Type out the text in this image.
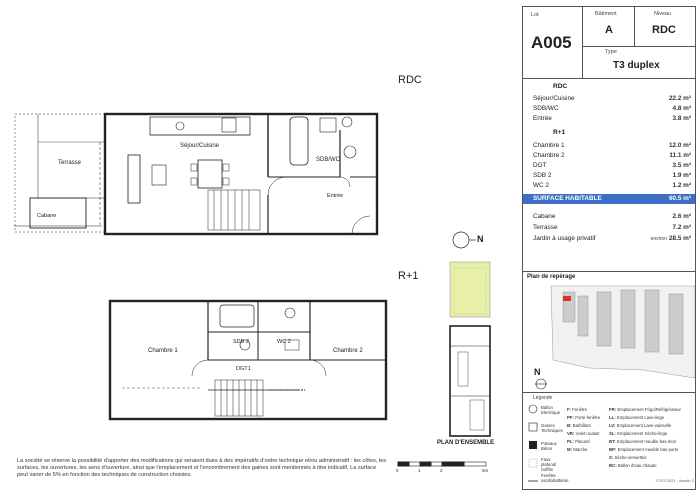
RDC
R+1
Séjour/Cuisine
SDB/WC
Entrée
Terrasse
Cabane
Chambre 1	Chambre 2
SDB 2	WC 2
DGT1
N
PLAN D'ENSEMBLE
0	1	2	5m

La société se réserve la possibilité d'apporter des modifications qui seraient dues à des impératifs d'ordre technique et/ou administratif : les côtes, les surfaces, les ouvertures, les sens d'ouverture, ainsi que l'emplacement et l'encombrement des gaines sont mentionnés à titre indicatif. La surface peut varier de 5% en fonction des techniques de construction choisies.

Lot
A005
Bâtiment
A
Niveau
RDC
Type
T3 duplex
RDC
Séjour/Cuisine	22.2 m²
SDB/WC	4.8 m²
Entrée	3.8 m²
R+1
Chambre 1	12.0 m²
Chambre 2	11.1 m²
DGT	3.5 m²
SDB 2	1.9 m²
WC 2	1.2 m²
SURFACE HABITABLE	60.5 m²
Cabane	2.6 m²
Terrasse	7.2 m²
Jardin à usage privatif	environ 28.5 m²
Plan de repérage
N
Légende
Ballon Electrique
Gaines Techniques
Poteaux Béton
Faux plafond/ Soffite
Fenêtre oscillobattante
F: Fenêtre
PF: Porte-fenêtre
B: Barbillant
VR: Volet roulant
PL: Placard
M: Marche
FR: Emplacement Frigo/Réfrigérateur
LL: Emplacement Lave-linge
LV: Emplacement Lave-vaisselle
SL: Emplacement Sèche-linge
BT: Emplacement meuble bas tiroir
BP: Emplacement meuble bas porte
S: Sèche-serviettes
BC: Ballon d'eau chaude
27/07/2021 · dessin 2
